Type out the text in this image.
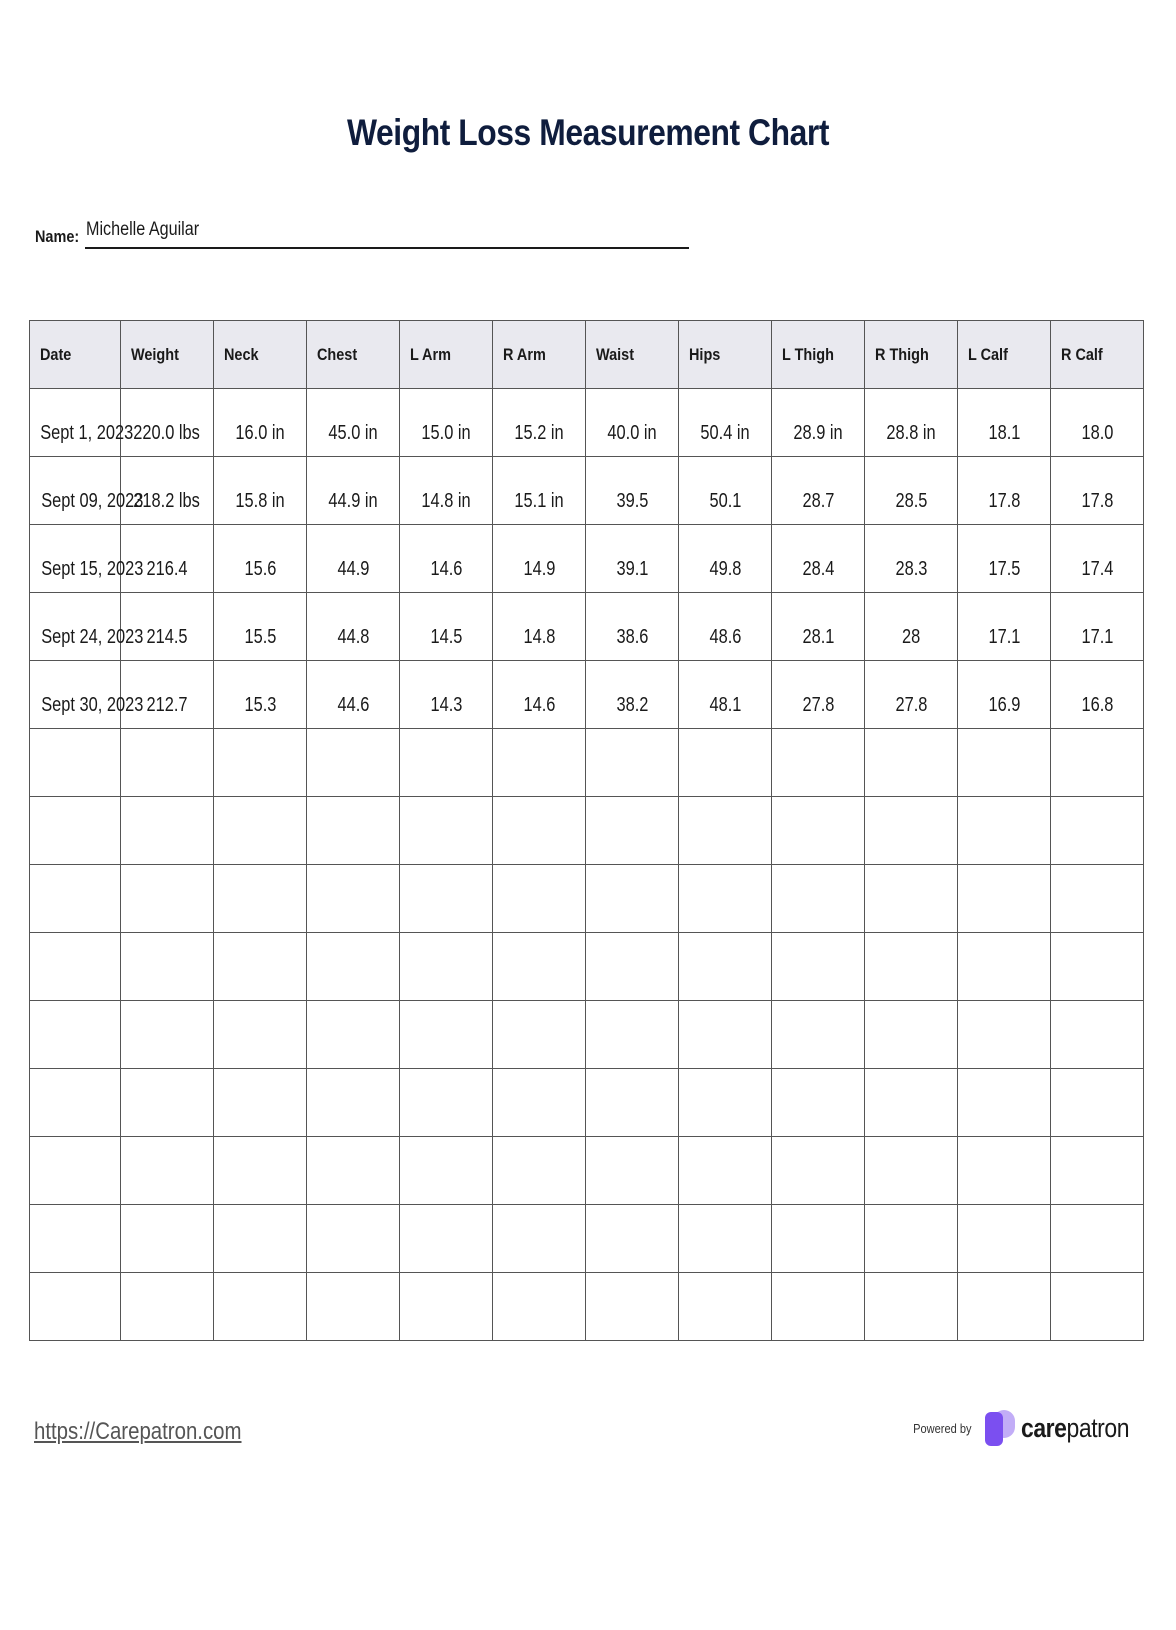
Weight Loss Measurement Chart
Name: Michelle Aguilar
Date	Weight	Neck	Chest	L Arm	R Arm	Waist	Hips	L Thigh	R Thigh	L Calf	R Calf
Sept 1, 2023	220.0 lbs	16.0 in	45.0 in	15.0 in	15.2 in	40.0 in	50.4 in	28.9 in	28.8 in	18.1	18.0
Sept 09, 2023	218.2 lbs	15.8 in	44.9 in	14.8 in	15.1 in	39.5	50.1	28.7	28.5	17.8	17.8
Sept 15, 2023	216.4	15.6	44.9	14.6	14.9	39.1	49.8	28.4	28.3	17.5	17.4
Sept 24, 2023	214.5	15.5	44.8	14.5	14.8	38.6	48.6	28.1	28	17.1	17.1
Sept 30, 2023	212.7	15.3	44.6	14.3	14.6	38.2	48.1	27.8	27.8	16.9	16.8

https://Carepatron.com	Powered by carepatron
